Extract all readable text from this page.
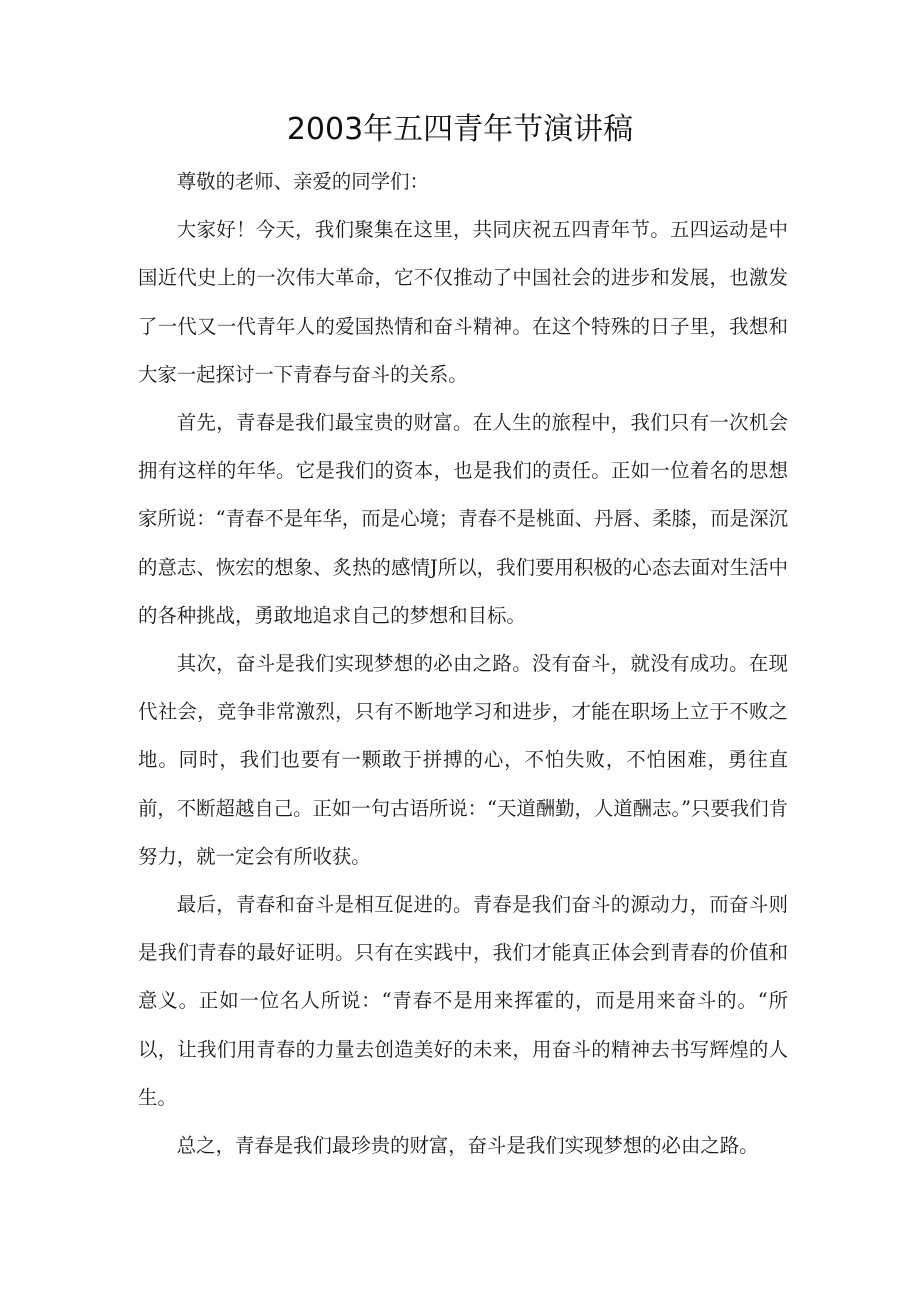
2003年五四青年节演讲稿

尊敬的老师、亲爱的同学们：

大家好！今天，我们聚集在这里，共同庆祝五四青年节。五四运动是中国近代史上的一次伟大革命，它不仅推动了中国社会的进步和发展，也激发了一代又一代青年人的爱国热情和奋斗精神。在这个特殊的日子里，我想和大家一起探讨一下青春与奋斗的关系。

首先，青春是我们最宝贵的财富。在人生的旅程中，我们只有一次机会拥有这样的年华。它是我们的资本，也是我们的责任。正如一位着名的思想家所说：“青春不是年华，而是心境；青春不是桃面、丹唇、柔膝，而是深沉的意志、恢宏的想象、炙热的感情J所以，我们要用积极的心态去面对生活中的各种挑战，勇敢地追求自己的梦想和目标。

其次，奋斗是我们实现梦想的必由之路。没有奋斗，就没有成功。在现代社会，竞争非常激烈，只有不断地学习和进步，才能在职场上立于不败之地。同时，我们也要有一颗敢于拼搏的心，不怕失败，不怕困难，勇往直前，不断超越自己。正如一句古语所说：“天道酬勤，人道酬志。”只要我们肯努力，就一定会有所收获。

最后，青春和奋斗是相互促进的。青春是我们奋斗的源动力，而奋斗则是我们青春的最好证明。只有在实践中，我们才能真正体会到青春的价值和意义。正如一位名人所说：“青春不是用来挥霍的，而是用来奋斗的。“所以，让我们用青春的力量去创造美好的未来，用奋斗的精神去书写辉煌的人生。

总之，青春是我们最珍贵的财富，奋斗是我们实现梦想的必由之路。
